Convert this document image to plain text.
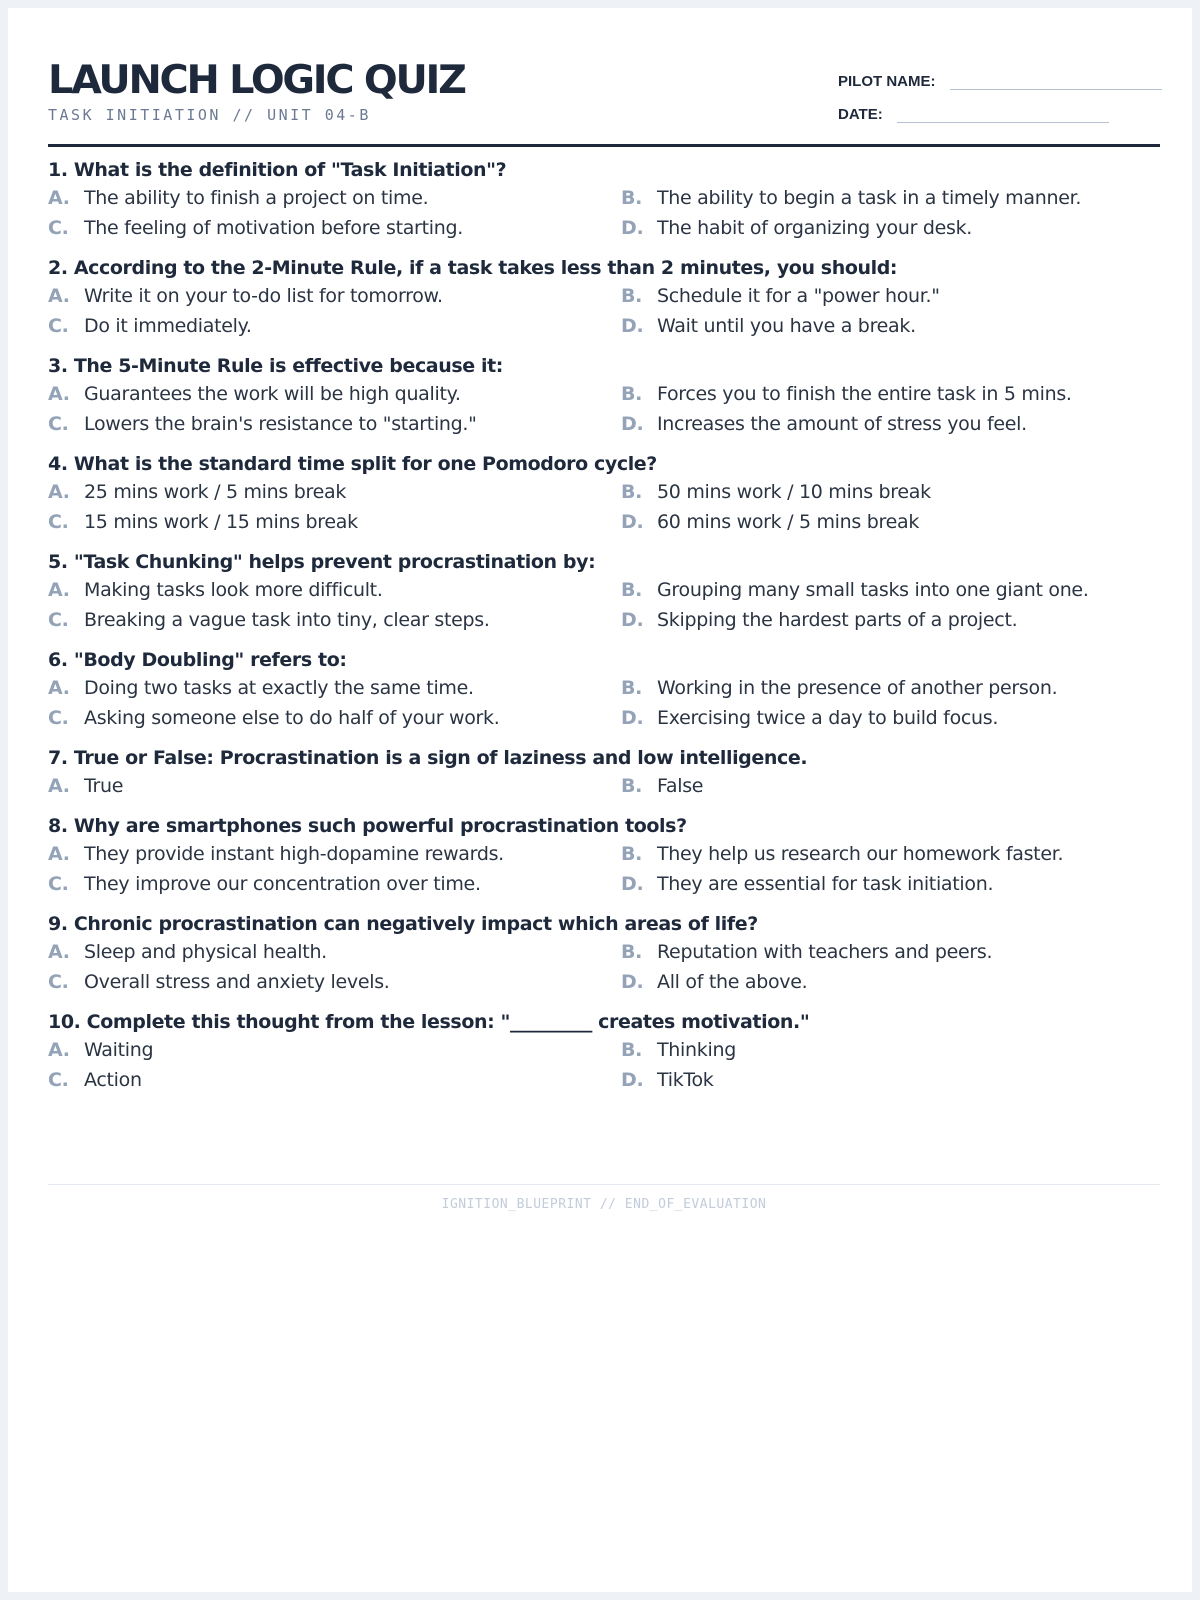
LAUNCH LOGIC QUIZ
TASK INITIATION // UNIT 04-B
PILOT NAME:
DATE:
1. What is the definition of "Task Initiation"?
A. The ability to finish a project on time.	B. The ability to begin a task in a timely manner.
C. The feeling of motivation before starting.	D. The habit of organizing your desk.
2. According to the 2-Minute Rule, if a task takes less than 2 minutes, you should:
A. Write it on your to-do list for tomorrow.	B. Schedule it for a "power hour."
C. Do it immediately.	D. Wait until you have a break.
3. The 5-Minute Rule is effective because it:
A. Guarantees the work will be high quality.	B. Forces you to finish the entire task in 5 mins.
C. Lowers the brain's resistance to "starting."	D. Increases the amount of stress you feel.
4. What is the standard time split for one Pomodoro cycle?
A. 25 mins work / 5 mins break	B. 50 mins work / 10 mins break
C. 15 mins work / 15 mins break	D. 60 mins work / 5 mins break
5. "Task Chunking" helps prevent procrastination by:
A. Making tasks look more difficult.	B. Grouping many small tasks into one giant one.
C. Breaking a vague task into tiny, clear steps.	D. Skipping the hardest parts of a project.
6. "Body Doubling" refers to:
A. Doing two tasks at exactly the same time.	B. Working in the presence of another person.
C. Asking someone else to do half of your work.	D. Exercising twice a day to build focus.
7. True or False: Procrastination is a sign of laziness and low intelligence.
A. True	B. False
8. Why are smartphones such powerful procrastination tools?
A. They provide instant high-dopamine rewards.	B. They help us research our homework faster.
C. They improve our concentration over time.	D. They are essential for task initiation.
9. Chronic procrastination can negatively impact which areas of life?
A. Sleep and physical health.	B. Reputation with teachers and peers.
C. Overall stress and anxiety levels.	D. All of the above.
10. Complete this thought from the lesson: "_________ creates motivation."
A. Waiting	B. Thinking
C. Action	D. TikTok
IGNITION_BLUEPRINT // END_OF_EVALUATION
